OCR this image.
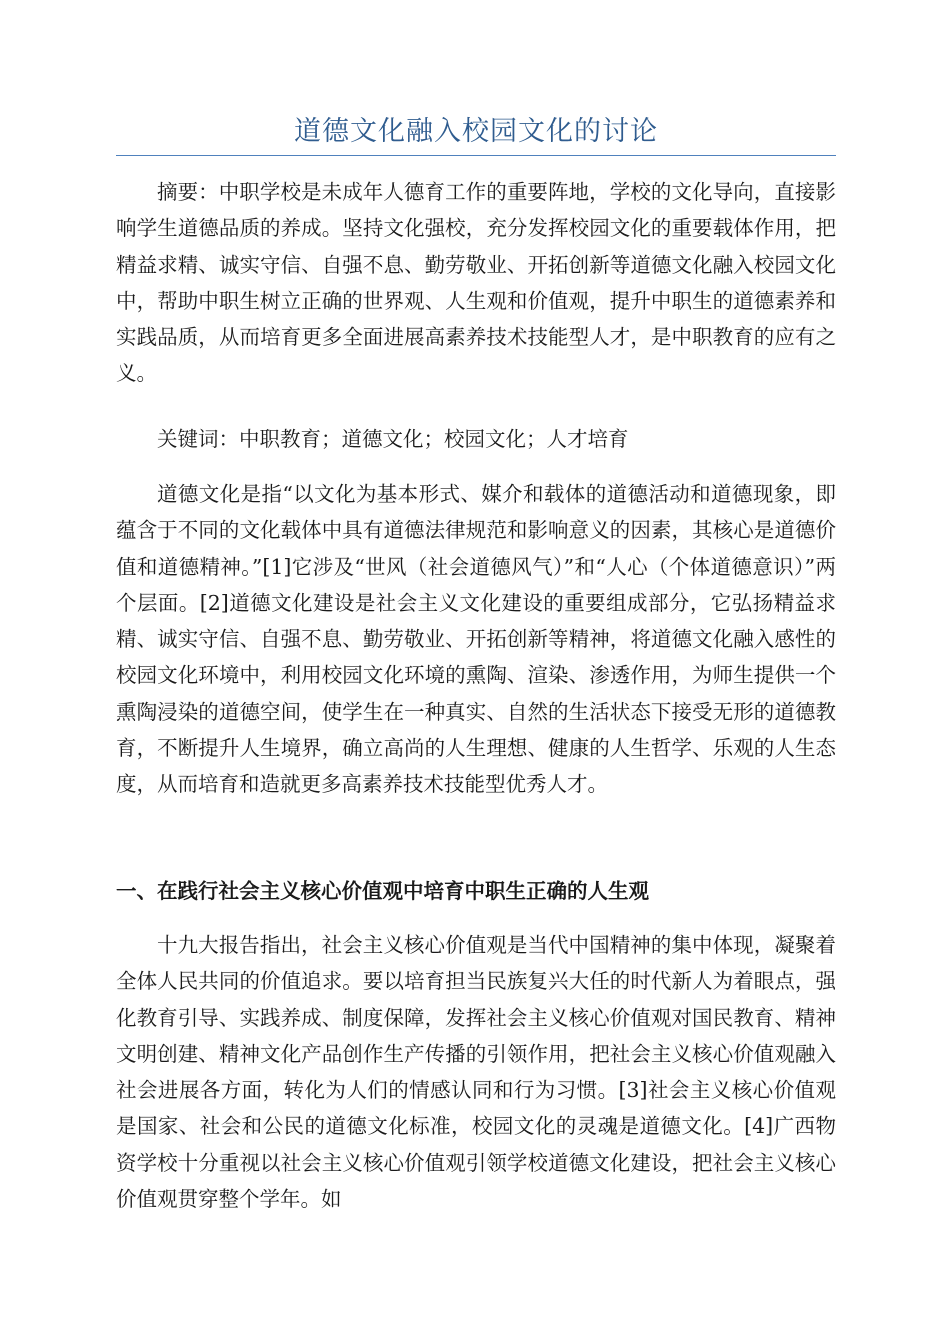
道德文化融入校园文化的讨论

摘要：中职学校是未成年人德育工作的重要阵地，学校的文化导向，直接影响学生道德品质的养成。坚持文化强校，充分发挥校园文化的重要载体作用，把精益求精、诚实守信、自强不息、勤劳敬业、开拓创新等道德文化融入校园文化中，帮助中职生树立正确的世界观、人生观和价值观，提升中职生的道德素养和实践品质，从而培育更多全面进展高素养技术技能型人才，是中职教育的应有之义。

关键词：中职教育；道德文化；校园文化；人才培育

道德文化是指“以文化为基本形式、媒介和载体的道德活动和道德现象，即蕴含于不同的文化载体中具有道德法律规范和影响意义的因素，其核心是道德价值和道德精神。”[1]它涉及“世风（社会道德风气）”和“人心（个体道德意识）”两个层面。[2]道德文化建设是社会主义文化建设的重要组成部分，它弘扬精益求精、诚实守信、自强不息、勤劳敬业、开拓创新等精神，将道德文化融入感性的校园文化环境中，利用校园文化环境的熏陶、渲染、渗透作用，为师生提供一个熏陶浸染的道德空间，使学生在一种真实、自然的生活状态下接受无形的道德教育，不断提升人生境界，确立高尚的人生理想、健康的人生哲学、乐观的人生态度，从而培育和造就更多高素养技术技能型优秀人才。

一、在践行社会主义核心价值观中培育中职生正确的人生观

十九大报告指出，社会主义核心价值观是当代中国精神的集中体现，凝聚着全体人民共同的价值追求。要以培育担当民族复兴大任的时代新人为着眼点，强化教育引导、实践养成、制度保障，发挥社会主义核心价值观对国民教育、精神文明创建、精神文化产品创作生产传播的引领作用，把社会主义核心价值观融入社会进展各方面，转化为人们的情感认同和行为习惯。[3]社会主义核心价值观是国家、社会和公民的道德文化标准，校园文化的灵魂是道德文化。[4]广西物资学校十分重视以社会主义核心价值观引领学校道德文化建设，把社会主义核心价值观贯穿整个学年。如
